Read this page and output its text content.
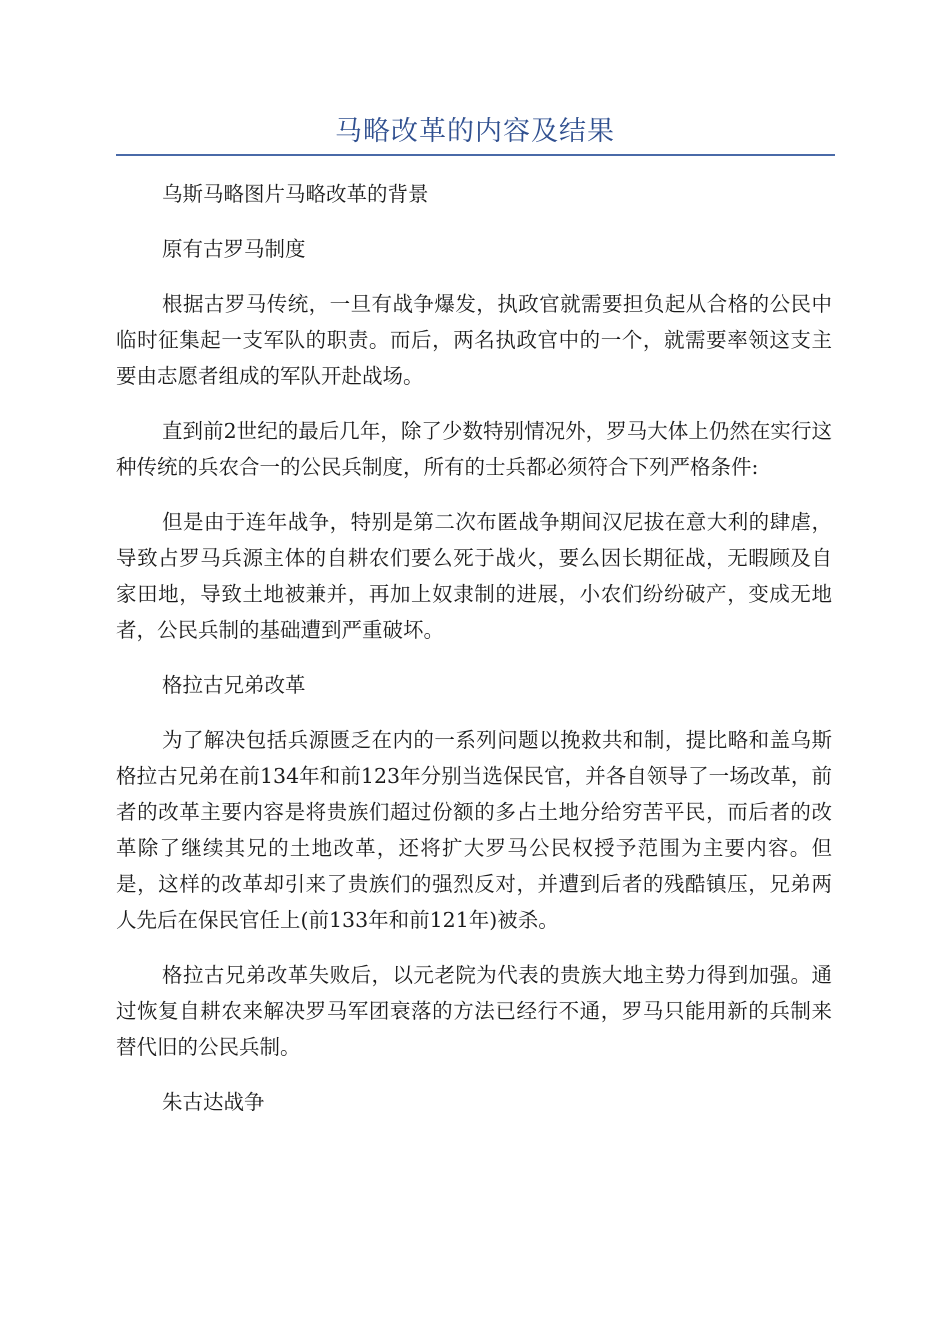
马略改革的内容及结果

乌斯马略图片马略改革的背景

原有古罗马制度

根据古罗马传统，一旦有战争爆发，执政官就需要担负起从合格的公民中临时征集起一支军队的职责。而后，两名执政官中的一个，就需要率领这支主要由志愿者组成的军队开赴战场。

直到前2世纪的最后几年，除了少数特别情况外，罗马大体上仍然在实行这种传统的兵农合一的公民兵制度，所有的士兵都必须符合下列严格条件:

但是由于连年战争，特别是第二次布匿战争期间汉尼拔在意大利的肆虐，导致占罗马兵源主体的自耕农们要么死于战火，要么因长期征战，无暇顾及自家田地，导致土地被兼并，再加上奴隶制的进展，小农们纷纷破产，变成无地者，公民兵制的基础遭到严重破坏。

格拉古兄弟改革

为了解决包括兵源匮乏在内的一系列问题以挽救共和制，提比略和盖乌斯格拉古兄弟在前134年和前123年分别当选保民官，并各自领导了一场改革，前者的改革主要内容是将贵族们超过份额的多占土地分给穷苦平民，而后者的改革除了继续其兄的土地改革，还将扩大罗马公民权授予范围为主要内容。但是，这样的改革却引来了贵族们的强烈反对，并遭到后者的残酷镇压，兄弟两人先后在保民官任上(前133年和前121年)被杀。

格拉古兄弟改革失败后，以元老院为代表的贵族大地主势力得到加强。通过恢复自耕农来解决罗马军团衰落的方法已经行不通，罗马只能用新的兵制来替代旧的公民兵制。

朱古达战争
